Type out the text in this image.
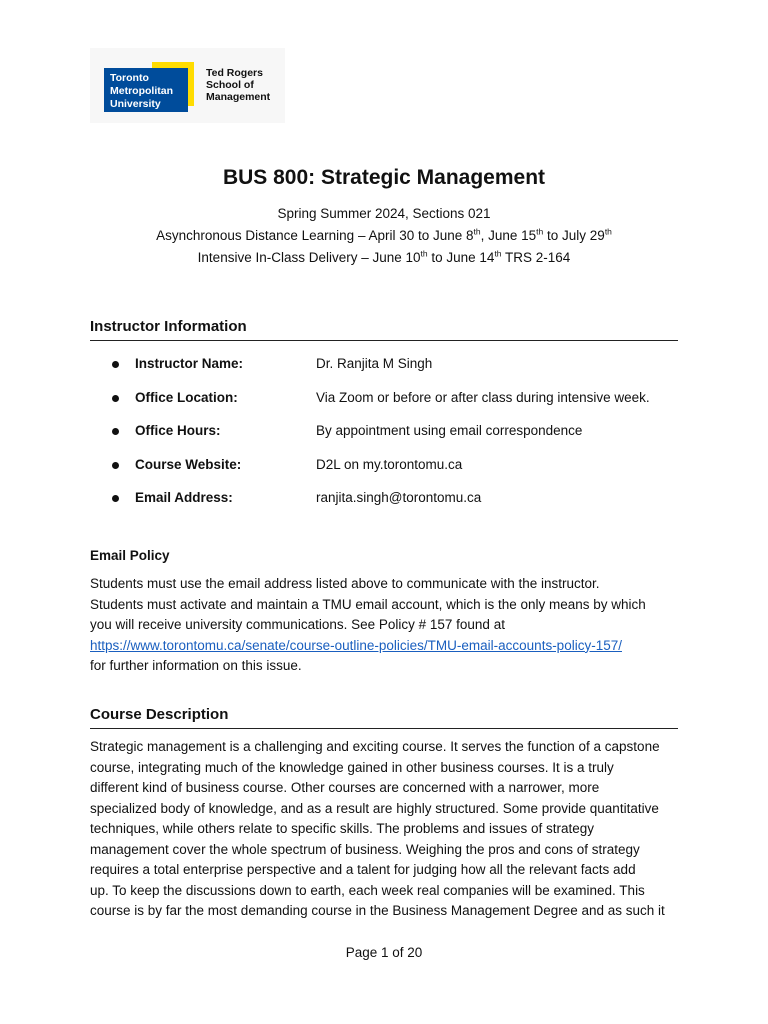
Toronto
Metropolitan
University
Ted Rogers
School of
Management
BUS 800: Strategic Management

Spring Summer 2024, Sections 021

Asynchronous Distance Learning – April 30 to June 8th, June 15th to July 29th

Intensive In-Class Delivery – June 10th to June 14th TRS 2-164

Instructor Information
Instructor Name:	Dr. Ranjita M Singh
Office Location:	Via Zoom or before or after class during intensive week.
Office Hours:	By appointment using email correspondence
Course Website:	D2L on my.torontomu.ca
Email Address:	ranjita.singh@torontomu.ca
Email Policy

Students must use the email address listed above to communicate with the instructor.
Students must activate and maintain a TMU email account, which is the only means by which
you will receive university communications. See Policy # 157 found at
https://www.torontomu.ca/senate/course-outline-policies/TMU-email-accounts-policy-157/
for further information on this issue.

Course Description

Strategic management is a challenging and exciting course. It serves the function of a capstone
course, integrating much of the knowledge gained in other business courses. It is a truly
different kind of business course. Other courses are concerned with a narrower, more
specialized body of knowledge, and as a result are highly structured. Some provide quantitative
techniques, while others relate to specific skills. The problems and issues of strategy
management cover the whole spectrum of business. Weighing the pros and cons of strategy
requires a total enterprise perspective and a talent for judging how all the relevant facts add
up. To keep the discussions down to earth, each week real companies will be examined. This
course is by far the most demanding course in the Business Management Degree and as such it

Page 1 of 20
